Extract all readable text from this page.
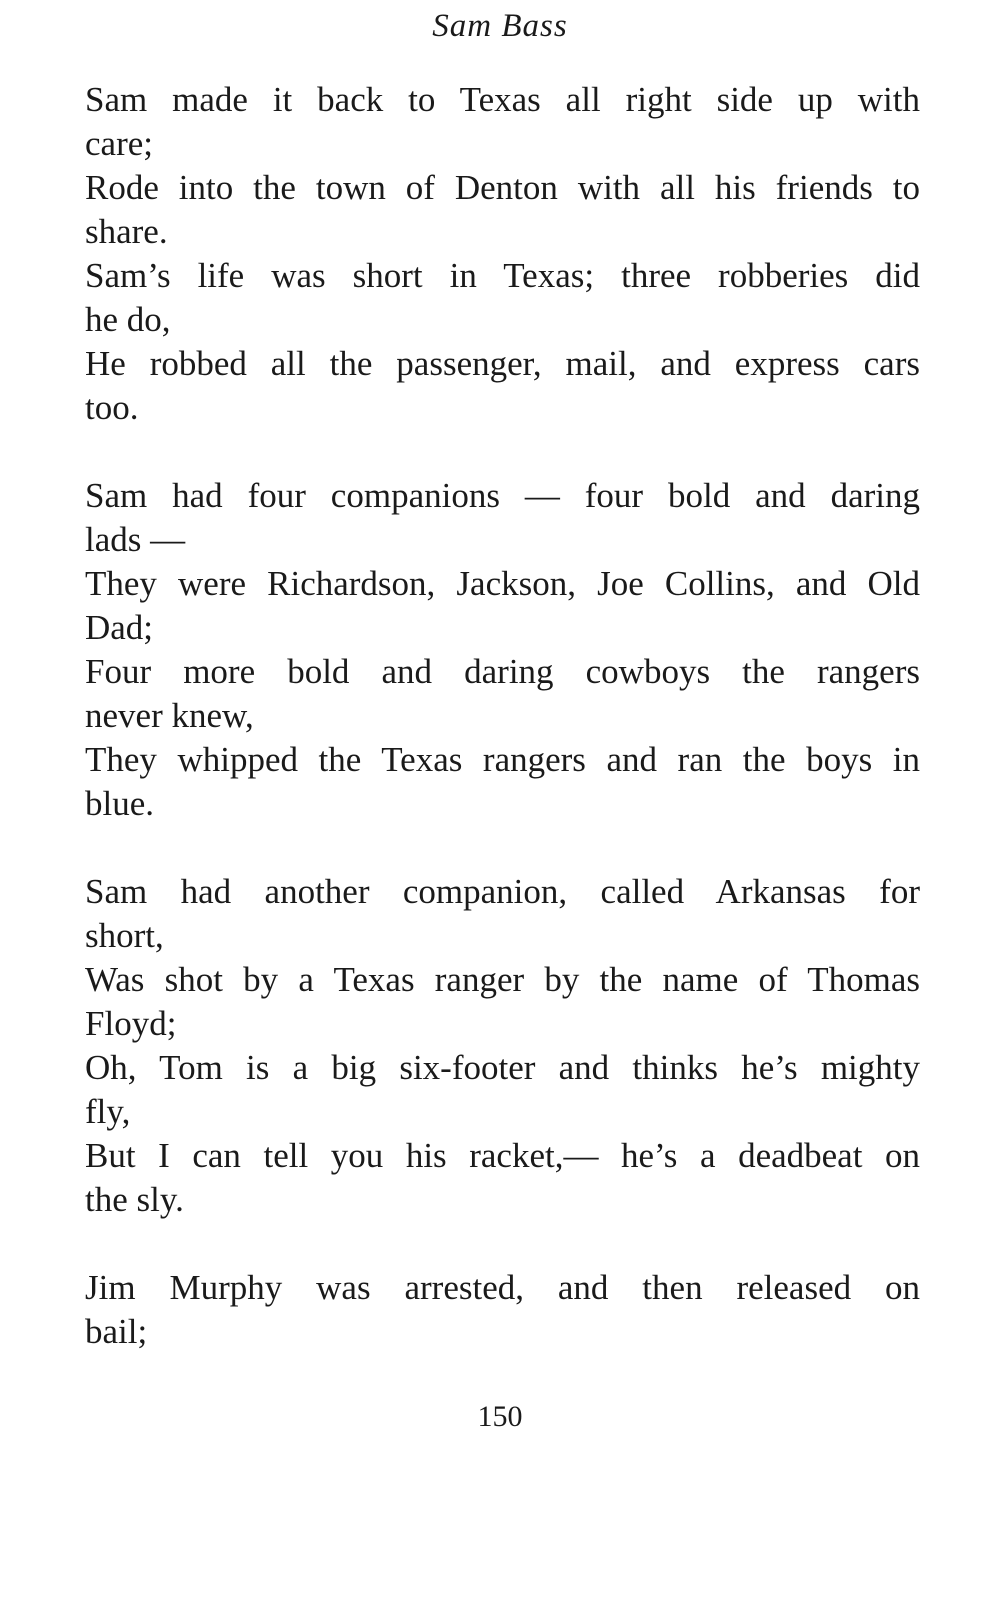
Sam Bass
Sam made it back to Texas all right side up with
care;
Rode into the town of Denton with all his friends to
share.
Sam’s life was short in Texas; three robberies did
he do,
He robbed all the passenger, mail, and express cars
too.
Sam had four companions — four bold and daring
lads —
They were Richardson, Jackson, Joe Collins, and Old
Dad;
Four more bold and daring cowboys the rangers
never knew,
They whipped the Texas rangers and ran the boys in
blue.
Sam had another companion, called Arkansas for
short,
Was shot by a Texas ranger by the name of Thomas
Floyd;
Oh, Tom is a big six-footer and thinks he’s mighty
fly,
But I can tell you his racket,— he’s a deadbeat on
the sly.
Jim Murphy was arrested, and then released on
bail;
150
